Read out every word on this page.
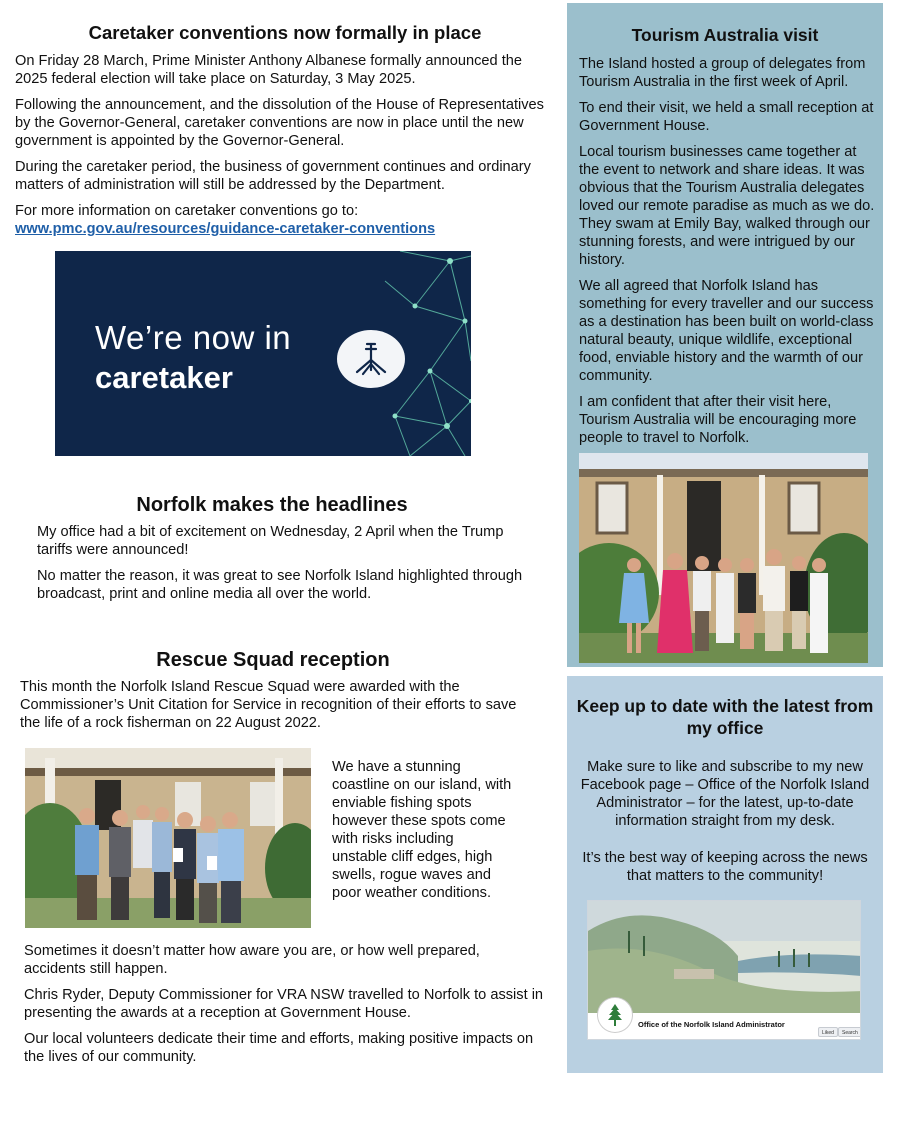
Caretaker conventions now formally in place

On Friday 28 March, Prime Minister Anthony Albanese formally announced the 2025 federal election will take place on Saturday, 3 May 2025.

Following the announcement, and the dissolution of the House of Representatives by the Governor-General, caretaker conventions are now in place until the new government is appointed by the Governor-General.

During the caretaker period, the business of government continues and ordinary matters of administration will still be addressed by the Department.

For more information on caretaker conventions go to:
www.pmc.gov.au/resources/guidance-caretaker-conventions

We’re now in
caretaker
Norfolk makes the headlines

My office had a bit of excitement on Wednesday, 2 April when the Trump tariffs were announced!

No matter the reason, it was great to see Norfolk Island highlighted through broadcast, print and online media all over the world.

Rescue Squad reception

This month the Norfolk Island Rescue Squad were awarded with the Commissioner’s Unit Citation for Service in recognition of their efforts to save the life of a rock fisherman on 22 August 2022.

We have a stunning coastline on our island, with enviable fishing spots however these spots come with risks including unstable cliff edges, high swells, rogue waves and poor weather conditions.

Sometimes it doesn’t matter how aware you are, or how well prepared, accidents still happen.

Chris Ryder, Deputy Commissioner for VRA NSW travelled to Norfolk to assist in presenting the awards at a reception at Government House.

Our local volunteers dedicate their time and efforts, making positive impacts on the lives of our community.

Tourism Australia visit

The Island hosted a group of delegates from Tourism Australia in the first week of April.

To end their visit, we held a small reception at Government House.

Local tourism businesses came together at the event to network and share ideas. It was obvious that the Tourism Australia delegates loved our remote paradise as much as we do. They swam at Emily Bay, walked through our stunning forests, and were intrigued by our history.

We all agreed that Norfolk Island has something for every traveller and our success as a destination has been built on world-class natural beauty, unique wildlife, exceptional food, enviable history and the warmth of our community.

I am confident that after their visit here, Tourism Australia will be encouraging more people to travel to Norfolk.

Keep up to date with the latest from my office

Make sure to like and subscribe to my new Facebook page – Office of the Norfolk Island Administrator – for the latest, up-to-date information straight from my desk.

It’s the best way of keeping across the news that matters to the community!

Office of the Norfolk Island Administrator
Liked	Search
